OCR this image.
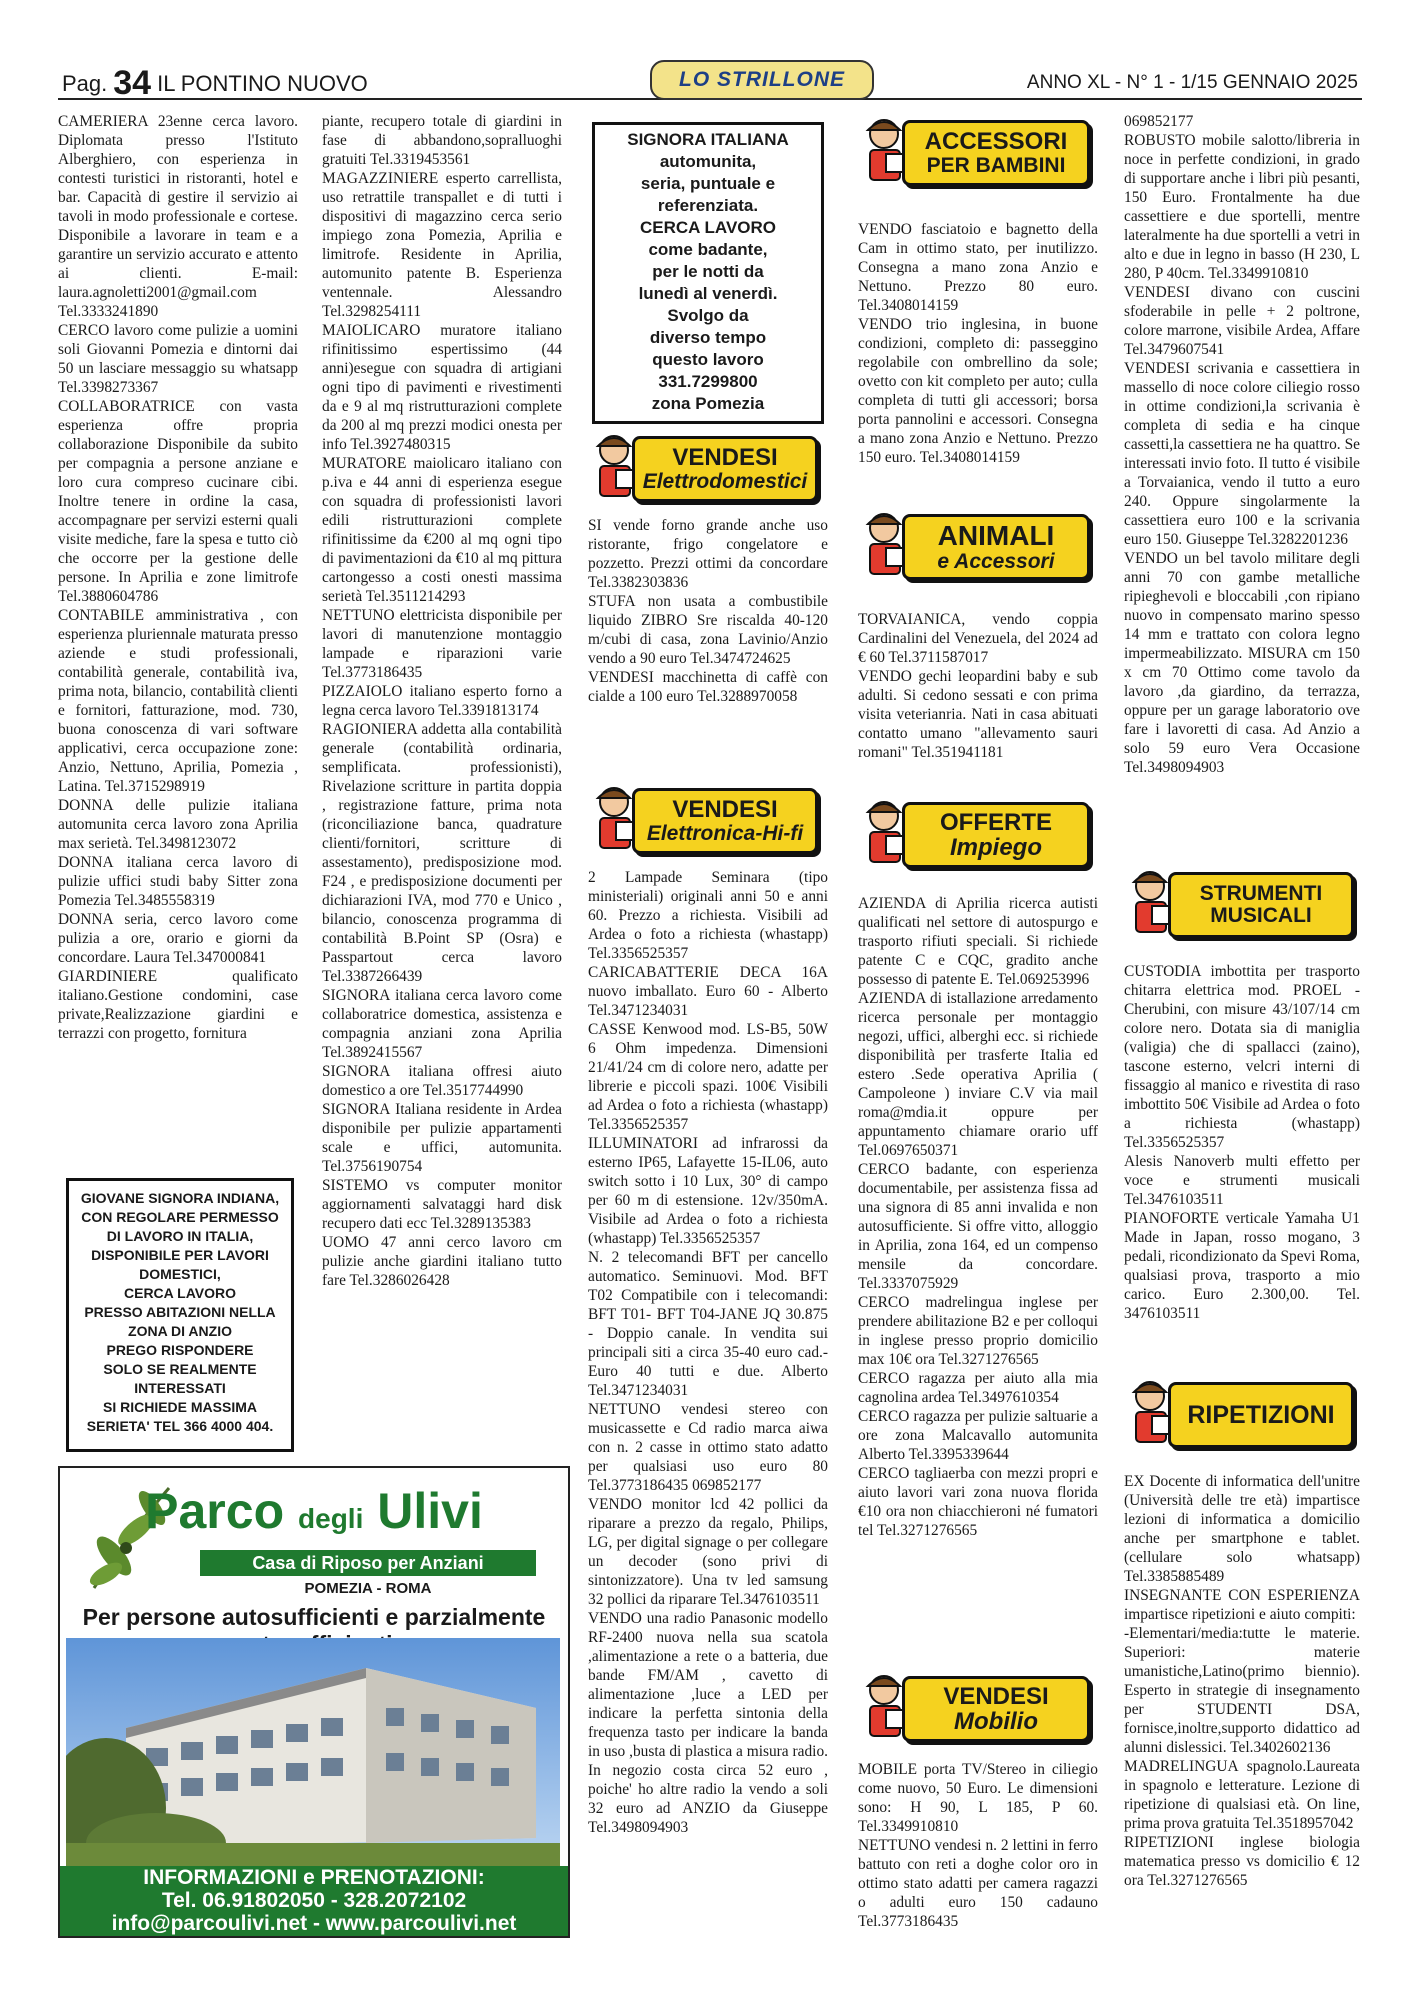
Pag. 34 IL PONTINO NUOVO	LO STRILLONE	ANNO XL - N° 1 - 1/15 GENNAIO 2025

CAMERIERA 23enne cerca lavoro. Diplomata presso l'Istituto Alberghiero, con esperienza in contesti turistici in ristoranti, hotel e bar. Capacità di gestire il servizio ai tavoli in modo professionale e cortese. Disponibile a lavorare in team e a garantire un servizio accurato e attento ai clienti. E-mail: laura.agnoletti2001@gmail.com Tel.3333241890

CERCO lavoro come pulizie a uomini soli Giovanni Pomezia e dintorni dai 50 un lasciare messaggio su whatsapp Tel.3398273367

COLLABORATRICE con vasta esperienza offre propria collaborazione Disponibile da subito per compagnia a persone anziane e loro cura compreso cucinare cibi. Inoltre tenere in ordine la casa, accompagnare per servizi esterni quali visite mediche, fare la spesa e tutto ciò che occorre per la gestione delle persone. In Aprilia e zone limitrofe Tel.3880604786

CONTABILE amministrativa , con esperienza pluriennale maturata presso aziende e studi professionali, contabilità generale, contabilità iva, prima nota, bilancio, contabilità clienti e fornitori, fatturazione, mod. 730, buona conoscenza di vari software applicativi, cerca occupazione zone: Anzio, Nettuno, Aprilia, Pomezia , Latina. Tel.3715298919

DONNA delle pulizie italiana automunita cerca lavoro zona Aprilia max serietà. Tel.3498123072

DONNA italiana cerca lavoro di pulizie uffici studi baby Sitter zona Pomezia Tel.3485558319

DONNA seria, cerco lavoro come pulizia a ore, orario e giorni da concordare. Laura Tel.347000841

GIARDINIERE qualificato italiano.Gestione condomini, case private,Realizzazione giardini e terrazzi con progetto, fornitura

GIOVANE SIGNORA INDIANA,

CON REGOLARE PERMESSO

DI LAVORO IN ITALIA,

DISPONIBILE PER LAVORI

DOMESTICI,

CERCA LAVORO

PRESSO ABITAZIONI NELLA

ZONA DI ANZIO

PREGO RISPONDERE

SOLO SE REALMENTE

INTERESSATI

SI RICHIEDE MASSIMA

SERIETA' TEL 366 4000 404.

piante, recupero totale di giardini in fase di abbandono,sopralluoghi gratuiti Tel.3319453561

MAGAZZINIERE esperto carrellista, uso retrattile transpallet e di tutti i dispositivi di magazzino cerca serio impiego zona Pomezia, Aprilia e limitrofe. Residente in Aprilia, automunito patente B. Esperienza ventennale. Alessandro Tel.3298254111

MAIOLICARO muratore italiano rifinitissimo espertissimo (44 anni)esegue con squadra di artigiani ogni tipo di pavimenti e rivestimenti da e 9 al mq ristrutturazioni complete da 200 al mq prezzi modici onesta per info Tel.3927480315

MURATORE maiolicaro italiano con p.iva e 44 anni di esperienza esegue con squadra di professionisti lavori edili ristrutturazioni complete rifinitissime da €200 al mq ogni tipo di pavimentazioni da €10 al mq pittura cartongesso a costi onesti massima serietà Tel.3511214293

NETTUNO elettricista disponibile per lavori di manutenzione montaggio lampade e riparazioni varie Tel.3773186435

PIZZAIOLO italiano esperto forno a legna cerca lavoro Tel.3391813174

RAGIONIERA addetta alla contabilità generale (contabilità ordinaria, semplificata. professionisti), Rivelazione scritture in partita doppia , registrazione fatture, prima nota (riconciliazione banca, quadrature clienti/fornitori, scritture di assestamento), predisposizione mod. F24 , e predisposizione documenti per dichiarazioni IVA, mod 770 e Unico , bilancio, conoscenza programma di contabilità B.Point SP (Osra) e Passpartout cerca lavoro Tel.3387266439

SIGNORA italiana cerca lavoro come collaboratrice domestica, assistenza e compagnia anziani zona Aprilia Tel.3892415567

SIGNORA italiana offresi aiuto domestico a ore Tel.3517744990

SIGNORA Italiana residente in Ardea disponibile per pulizie appartamenti scale e uffici, automunita. Tel.3756190754

SISTEMO vs computer monitor aggiornamenti salvataggi hard disk recupero dati ecc Tel.3289135383

UOMO 47 anni cerco lavoro cm pulizie anche giardini italiano tutto fare Tel.3286026428

Parco degli Ulivi
Casa di Riposo per Anziani
POMEZIA - ROMA
Per persone autosufficienti e parzialmente
INFORMAZIONI e PRENOTAZIONI:
Tel. 06.91802050 - 328.2072102
info@parcoulivi.net - www.parcoulivi.net

SIGNORA ITALIANA

automunita,

seria, puntuale e

referenziata.

CERCA LAVORO

come badante,

per le notti da

lunedì al venerdì.

Svolgo da

diverso tempo

questo lavoro

331.7299800

zona Pomezia

VENDESI
Elettrodomestici

SI vende forno grande anche uso ristorante, frigo congelatore e pozzetto. Prezzi ottimi da concordare Tel.3382303836

STUFA non usata a combustibile liquido ZIBRO Sre riscalda 40-120 m/cubi di casa, zona Lavinio/Anzio vendo a 90 euro Tel.3474724625

VENDESI macchinetta di caffè con cialde a 100 euro Tel.3288970058

VENDESI
Elettronica-Hi-fi

2 Lampade Seminara (tipo ministeriali) originali anni 50 e anni 60. Prezzo a richiesta. Visibili ad Ardea o foto a richiesta (whastapp) Tel.3356525357

CARICABATTERIE DECA 16A nuovo imballato. Euro 60 - Alberto Tel.3471234031

CASSE Kenwood mod. LS-B5, 50W 6 Ohm impedenza. Dimensioni 21/41/24 cm di colore nero, adatte per librerie e piccoli spazi. 100€ Visibili ad Ardea o foto a richiesta (whastapp) Tel.3356525357

ILLUMINATORI ad infrarossi da esterno IP65, Lafayette 15-IL06, auto switch sotto i 10 Lux, 30° di campo per 60 m di estensione. 12v/350mA. Visibile ad Ardea o foto a richiesta (whastapp) Tel.3356525357

N. 2 telecomandi BFT per cancello automatico. Seminuovi. Mod. BFT T02 Compatibile con i telecomandi: BFT T01- BFT T04-JANE JQ 30.875 - Doppio canale. In vendita sui principali siti a circa 35-40 euro cad.- Euro 40 tutti e due. Alberto Tel.3471234031

NETTUNO vendesi stereo con musicassette e Cd radio marca aiwa con n. 2 casse in ottimo stato adatto per qualsiasi uso euro 80 Tel.3773186435 069852177

VENDO monitor lcd 42 pollici da riparare a prezzo da regalo, Philips, LG, per digital signage o per collegare un decoder (sono privi di sintonizzatore). Una tv led samsung 32 pollici da riparare Tel.3476103511

VENDO una radio Panasonic modello RF-2400 nuova nella sua scatola ,alimentazione a rete o a batteria, due bande FM/AM , cavetto di alimentazione ,luce a LED per indicare la perfetta sintonia della frequenza tasto per indicare la banda in uso ,busta di plastica a misura radio. In negozio costa circa 52 euro , poiche' ho altre radio la vendo a soli 32 euro ad ANZIO da Giuseppe Tel.3498094903

ACCESSORI
PER BAMBINI

VENDO fasciatoio e bagnetto della Cam in ottimo stato, per inutilizzo. Consegna a mano zona Anzio e Nettuno. Prezzo 80 euro. Tel.3408014159

VENDO trio inglesina, in buone condizioni, completo di: passeggino regolabile con ombrellino da sole; ovetto con kit completo per auto; culla completa di tutti gli accessori; borsa porta pannolini e accessori. Consegna a mano zona Anzio e Nettuno. Prezzo 150 euro. Tel.3408014159

ANIMALI
e Accessori

TORVAIANICA, vendo coppia Cardinalini del Venezuela, del 2024 ad € 60 Tel.3711587017

VENDO gechi leopardini baby e sub adulti. Si cedono sessati e con prima visita veterianria. Nati in casa abituati contatto umano "allevamento sauri romani" Tel.351941181

OFFERTE
Impiego

AZIENDA di Aprilia ricerca autisti qualificati nel settore di autospurgo e trasporto rifiuti speciali. Si richiede patente C e CQC, gradito anche possesso di patente E. Tel.069253996

AZIENDA di istallazione arredamento ricerca personale per montaggio negozi, uffici, alberghi ecc. si richiede disponibilità per trasferte Italia ed estero .Sede operativa Aprilia ( Campoleone ) inviare C.V via mail roma@mdia.it oppure per appuntamento chiamare orario uff Tel.0697650371

CERCO badante, con esperienza documentabile, per assistenza fissa ad una signora di 85 anni invalida e non autosufficiente. Si offre vitto, alloggio in Aprilia, zona 164, ed un compenso mensile da concordare. Tel.3337075929

CERCO madrelingua inglese per prendere abilitazione B2 e per colloqui in inglese presso proprio domicilio max 10€ ora Tel.3271276565

CERCO ragazza per aiuto alla mia cagnolina ardea Tel.3497610354

CERCO ragazza per pulizie saltuarie a ore zona Malcavallo automunita Alberto Tel.3395339644

CERCO tagliaerba con mezzi propri e aiuto lavori vari zona nuova florida €10 ora non chiacchieroni né fumatori tel Tel.3271276565

VENDESI
Mobilio

MOBILE porta TV/Stereo in ciliegio come nuovo, 50 Euro. Le dimensioni sono: H 90, L 185, P 60. Tel.3349910810

NETTUNO vendesi n. 2 lettini in ferro battuto con reti a doghe color oro in ottimo stato adatti per camera ragazzi o adulti euro 150 cadauno Tel.3773186435

069852177

ROBUSTO mobile salotto/libreria in noce in perfette condizioni, in grado di supportare anche i libri più pesanti, 150 Euro. Frontalmente ha due cassettiere e due sportelli, mentre lateralmente ha due sportelli a vetri in alto e due in legno in basso (H 230, L 280, P 40cm. Tel.3349910810

VENDESI divano con cuscini sfoderabile in pelle + 2 poltrone, colore marrone, visibile Ardea, Affare Tel.3479607541

VENDESI scrivania e cassettiera in massello di noce colore ciliegio rosso in ottime condizioni,la scrivania è completa di sedia e ha cinque cassetti,la cassettiera ne ha quattro. Se interessati invio foto. Il tutto é visibile a Torvaianica, vendo il tutto a euro 240. Oppure singolarmente la cassettiera euro 100 e la scrivania euro 150. Giuseppe Tel.3282201236

VENDO un bel tavolo militare degli anni 70 con gambe metalliche ripieghevoli e bloccabili ,con ripiano nuovo in compensato marino spesso 14 mm e trattato con colora legno impermeabilizzato. MISURA cm 150 x cm 70 Ottimo come tavolo da lavoro ,da giardino, da terrazza, oppure per un garage laboratorio ove fare i lavoretti di casa. Ad Anzio a solo 59 euro Vera Occasione Tel.3498094903

STRUMENTI
MUSICALI

CUSTODIA imbottita per trasporto chitarra elettrica mod. PROEL - Cherubini, con misure 43/107/14 cm colore nero. Dotata sia di maniglia (valigia) che di spallacci (zaino), tascone esterno, velcri interni di fissaggio al manico e rivestita di raso imbottito 50€ Visibile ad Ardea o foto a richiesta (whastapp) Tel.3356525357

Alesis Nanoverb multi effetto per voce e strumenti musicali Tel.3476103511

PIANOFORTE verticale Yamaha U1 Made in Japan, rosso mogano, 3 pedali, ricondizionato da Spevi Roma, qualsiasi prova, trasporto a mio carico. Euro 2.300,00. Tel. 3476103511

RIPETIZIONI

EX Docente di informatica dell'unitre (Università delle tre età) impartisce lezioni di informatica a domicilio anche per smartphone e tablet. (cellulare solo whatsapp) Tel.3385885489

INSEGNANTE CON ESPERIENZA impartisce ripetizioni e aiuto compiti:

-Elementari/media:tutte le materie. Superiori: materie umanistiche,Latino(primo biennio). Esperto in strategie di insegnamento per STUDENTI DSA, fornisce,inoltre,supporto didattico ad alunni dislessici. Tel.3402602136

MADRELINGUA spagnolo.Laureata in spagnolo e letterature. Lezione di ripetizione di qualsiasi età. On line, prima prova gratuita Tel.3518957042

RIPETIZIONI inglese biologia matematica presso vs domicilio € 12 ora Tel.3271276565
